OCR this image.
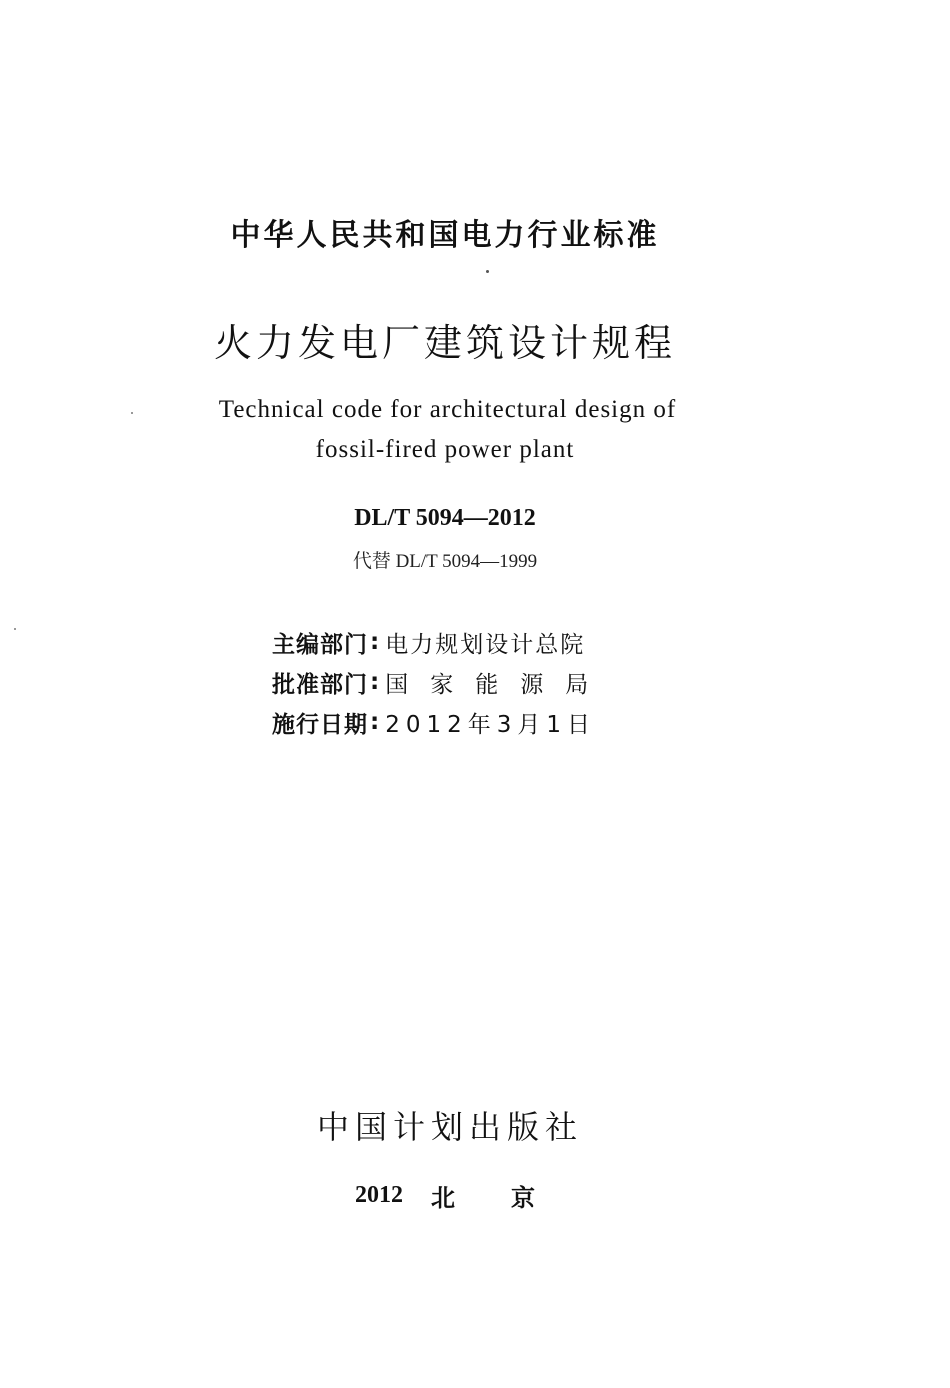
中华人民共和国电力行业标准
火力发电厂建筑设计规程
Technical code for architectural design of
fossil-fired power plant
DL/T 5094—2012
代替 DL/T 5094—1999
主编部门 : 电力规划设计总院
批准部门 : 国家能源局
施行日期 : 2012年3月1日
中国计划出版社
2012 北京
